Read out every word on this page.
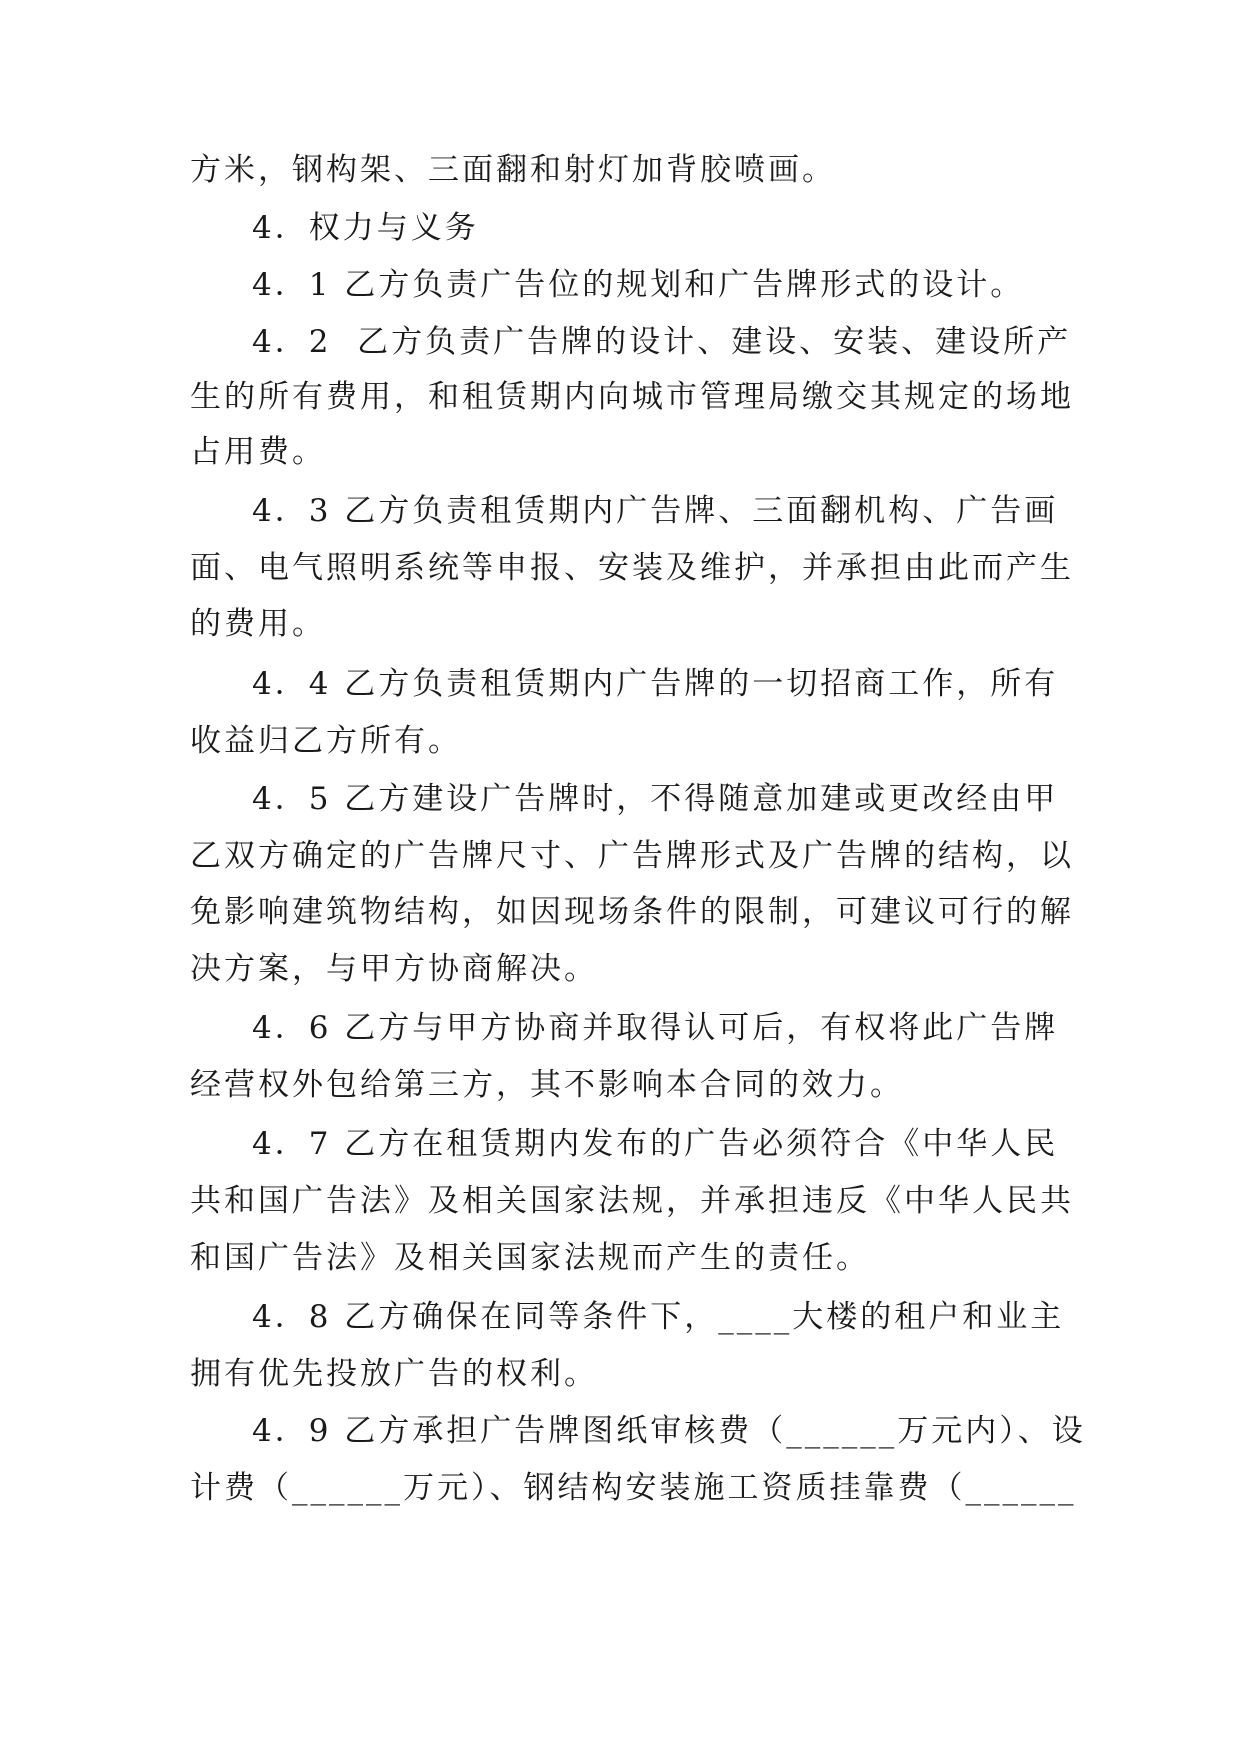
方米，钢构架、三面翻和射灯加背胶喷画。
4．权力与义务
4．1 乙方负责广告位的规划和广告牌形式的设计。
4．2  乙方负责广告牌的设计、建设、安装、建设所产
生的所有费用，和租赁期内向城市管理局缴交其规定的场地
占用费。
4．3 乙方负责租赁期内广告牌、三面翻机构、广告画
面、电气照明系统等申报、安装及维护，并承担由此而产生
的费用。
4．4 乙方负责租赁期内广告牌的一切招商工作，所有
收益归乙方所有。
4．5 乙方建设广告牌时，不得随意加建或更改经由甲
乙双方确定的广告牌尺寸、广告牌形式及广告牌的结构，以
免影响建筑物结构，如因现场条件的限制，可建议可行的解
决方案，与甲方协商解决。
4．6 乙方与甲方协商并取得认可后，有权将此广告牌
经营权外包给第三方，其不影响本合同的效力。
4．7 乙方在租赁期内发布的广告必须符合《中华人民
共和国广告法》及相关国家法规，并承担违反《中华人民共
和国广告法》及相关国家法规而产生的责任。
4．8 乙方确保在同等条件下，____大楼的租户和业主
拥有优先投放广告的权利。
4．9 乙方承担广告牌图纸审核费（______万元内）、设
计费（______万元）、钢结构安装施工资质挂靠费（______
